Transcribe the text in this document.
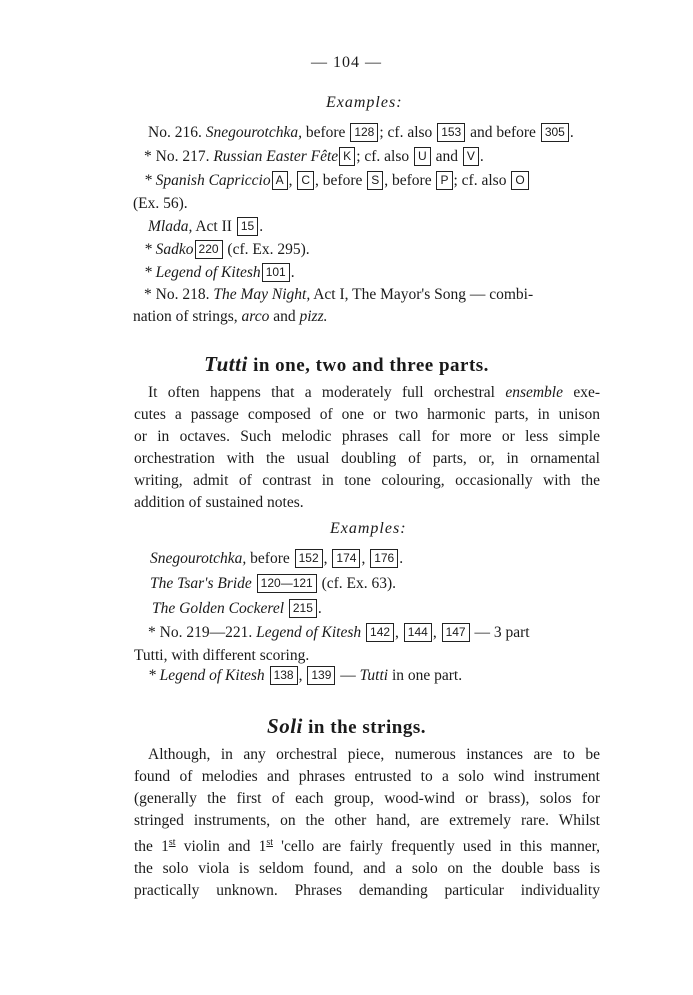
— 104 —
Examples:
No. 216. Snegourotchka, before 128 ; cf. also 153 and before 305 .
* No. 217. Russian Easter Fête K ; cf. also U and V .
* Spanish Capriccio A , C , before S , before P ; cf. also O
(Ex. 56).
Mlada, Act II 15 .
* Sadko 220 (cf. Ex. 295).
* Legend of Kitesh 101 .
* No. 218. The May Night, Act I, The Mayor's Song — combi-
nation of strings, arco and pizz.
Tutti in one, two and three parts.
It often happens that a moderately full orchestral ensemble exe-
cutes a passage composed of one or two harmonic parts, in unison
or in octaves. Such melodic phrases call for more or less simple
orchestration with the usual doubling of parts, or, in ornamental
writing, admit of contrast in tone colouring, occasionally with the
addition of sustained notes.
Examples:
Snegourotchka, before 152 , 174 , 176 .
The Tsar's Bride 120—121 (cf. Ex. 63).
The Golden Cockerel 215 .
* No. 219—221. Legend of Kitesh 142 , 144 , 147 — 3 part
Tutti, with different scoring.
* Legend of Kitesh 138 , 139 — Tutti in one part.
Soli in the strings.
Although, in any orchestral piece, numerous instances are to be
found of melodies and phrases entrusted to a solo wind instrument
(generally the first of each group, wood-wind or brass), solos for
stringed instruments, on the other hand, are extremely rare. Whilst
the 1st violin and 1st 'cello are fairly frequently used in this manner,
the solo viola is seldom found, and a solo on the double bass is
practically unknown. Phrases demanding particular individuality
